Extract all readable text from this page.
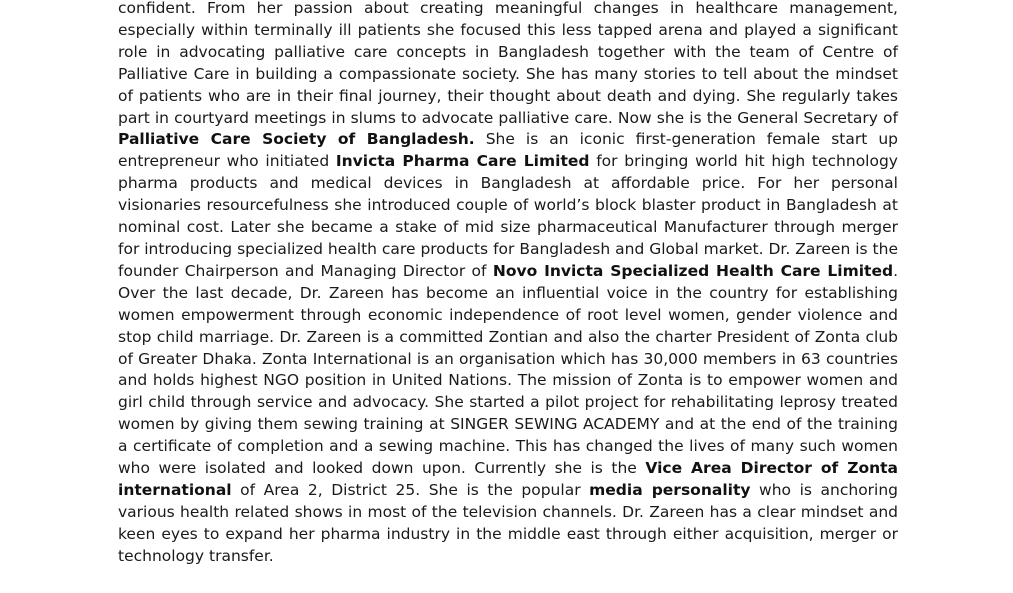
confident. From her passion about creating meaningful changes in healthcare management, especially within terminally ill patients she focused this less tapped arena and played a significant role in advocating palliative care concepts in Bangladesh together with the team of Centre of Palliative Care in building a compassionate society. She has many stories to tell about the mindset of patients who are in their final journey, their thought about death and dying. She regularly takes part in courtyard meetings in slums to advocate palliative care. Now she is the General Secretary of Palliative Care Society of Bangladesh. She is an iconic first-generation female start up entrepreneur who initiated Invicta Pharma Care Limited for bringing world hit high technology pharma products and medical devices in Bangladesh at affordable price. For her personal visionaries resourcefulness she introduced couple of world’s block blaster product in Bangladesh at nominal cost. Later she became a stake of mid size pharmaceutical Manufacturer through merger for introducing specialized health care products for Bangladesh and Global market. Dr. Zareen is the founder Chairperson and Managing Director of Novo Invicta Specialized Health Care Limited. Over the last decade, Dr. Zareen has become an influential voice in the country for establishing women empowerment through economic independence of root level women, gender violence and stop child marriage. Dr. Zareen is a committed Zontian and also the charter President of Zonta club of Greater Dhaka. Zonta International is an organisation which has 30,000 members in 63 countries and holds highest NGO position in United Nations. The mission of Zonta is to empower women and girl child through service and advocacy. She started a pilot project for rehabilitating leprosy treated women by giving them sewing training at SINGER SEWING ACADEMY and at the end of the training a certificate of completion and a sewing machine. This has changed the lives of many such women who were isolated and looked down upon. Currently she is the Vice Area Director of Zonta international of Area 2, District 25. She is the popular media personality who is anchoring various health related shows in most of the television channels. Dr. Zareen has a clear mindset and keen eyes to expand her pharma industry in the middle east through either acquisition, merger or technology transfer.
